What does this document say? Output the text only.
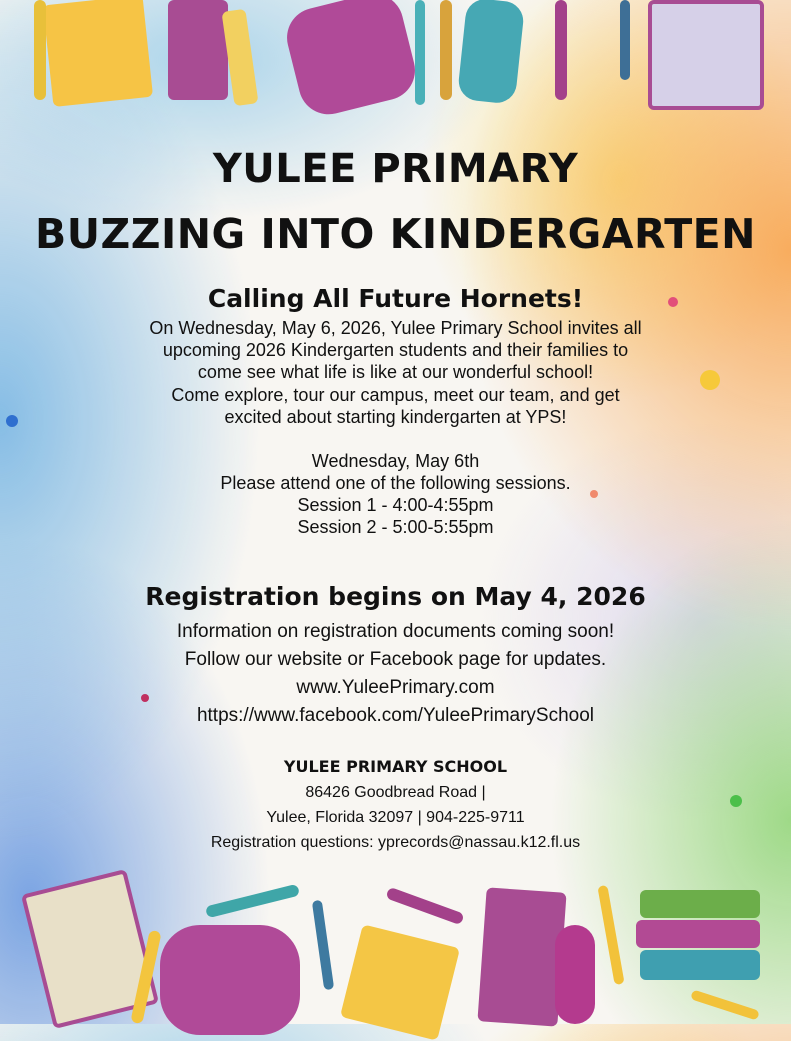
YULEE PRIMARY
BUZZING INTO KINDERGARTEN
Calling All Future Hornets!
On Wednesday, May 6, 2026, Yulee Primary School invites all
upcoming 2026 Kindergarten students and their families to
come see what life is like at our wonderful school!
Come explore, tour our campus, meet our team, and get
excited about starting kindergarten at YPS!
Wednesday, May 6th
Please attend one of the following sessions.
Session 1 - 4:00-4:55pm
Session 2 - 5:00-5:55pm
Registration begins on May 4, 2026
Information on registration documents coming soon!
Follow our website or Facebook page for updates.
www.YuleePrimary.com
https://www.facebook.com/YuleePrimarySchool
YULEE PRIMARY SCHOOL
86426 Goodbread Road |
Yulee, Florida 32097 | 904-225-9711
Registration questions: yprecords@nassau.k12.fl.us
